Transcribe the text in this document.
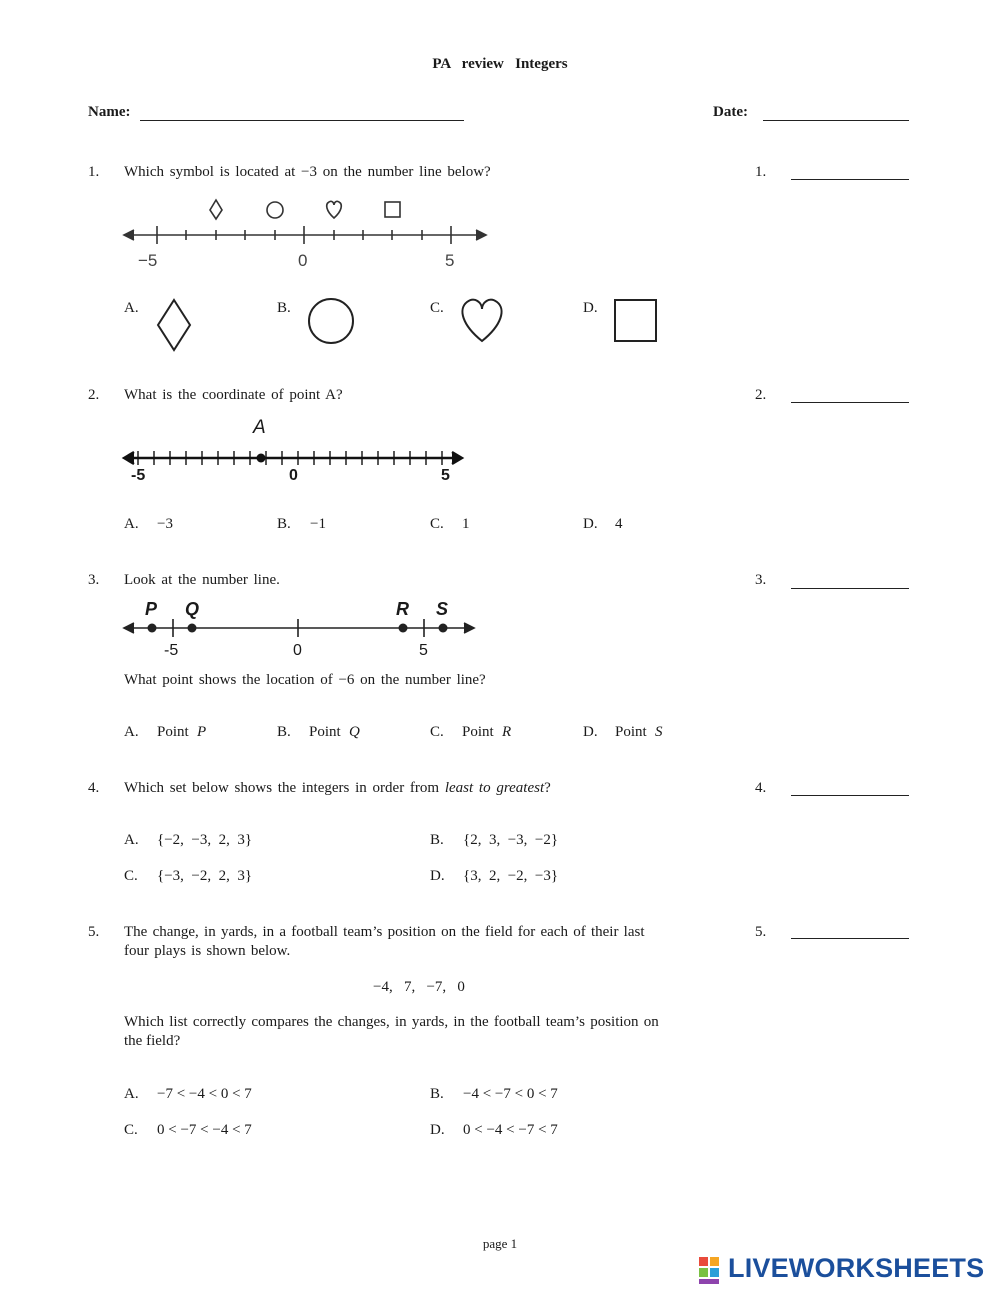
PA   review   Integers
Name:	Date:
1. Which symbol is located at −3 on the number line below?	1.
−5	0	5
A.	B.	C.	D.
2. What is the coordinate of point A?	2.
A
-5	0	5
A. −3	B. −1	C. 1	D. 4
3. Look at the number line.	3.
P Q	R S
-5	0	5
What point shows the location of −6 on the number line?
A. Point P	B. Point Q	C. Point R	D. Point S
4. Which set below shows the integers in order from least to greatest?	4.
A. {−2,  −3,  2,  3}	B. {2,  3,  −3,  −2}
C. {−3,  −2,  2,  3}	D. {3,  2,  −2,  −3}
5. The change, in yards, in a football team’s position on the field for each of their last
four plays is shown below.
5.
−4,   7,   −7,   0
Which list correctly compares the changes, in yards, in the football team’s position on
the field?
A. −7 < −4 < 0 < 7	B. −4 < −7 < 0 < 7
C. 0 < −7 < −4 < 7	D. 0 < −4 < −7 < 7
page 1
LIVEWORKSHEETS
